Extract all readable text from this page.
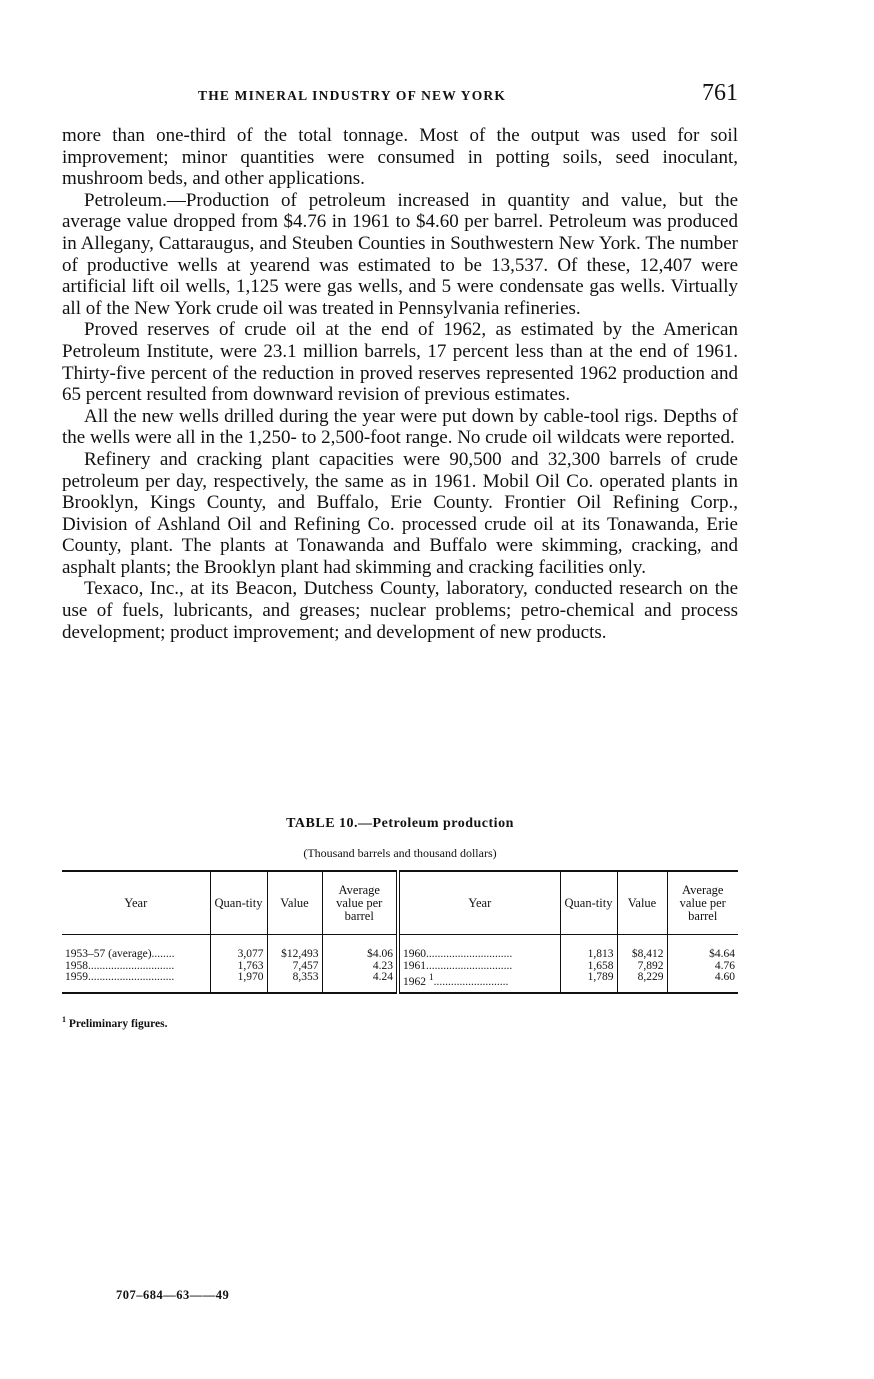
THE MINERAL INDUSTRY OF NEW YORK	761

more than one-third of the total tonnage. Most of the output was used for soil improvement; minor quantities were consumed in potting soils, seed inoculant, mushroom beds, and other applications.

Petroleum.—Production of petroleum increased in quantity and value, but the average value dropped from $4.76 in 1961 to $4.60 per barrel. Petroleum was produced in Allegany, Cattaraugus, and Steuben Counties in Southwestern New York. The number of productive wells at yearend was estimated to be 13,537. Of these, 12,407 were artificial lift oil wells, 1,125 were gas wells, and 5 were condensate gas wells. Virtually all of the New York crude oil was treated in Pennsylvania refineries.

Proved reserves of crude oil at the end of 1962, as estimated by the American Petroleum Institute, were 23.1 million barrels, 17 percent less than at the end of 1961. Thirty-five percent of the reduction in proved reserves represented 1962 production and 65 percent resulted from downward revision of previous estimates.

All the new wells drilled during the year were put down by cable-tool rigs. Depths of the wells were all in the 1,250- to 2,500-foot range. No crude oil wildcats were reported.

Refinery and cracking plant capacities were 90,500 and 32,300 barrels of crude petroleum per day, respectively, the same as in 1961. Mobil Oil Co. operated plants in Brooklyn, Kings County, and Buffalo, Erie County. Frontier Oil Refining Corp., Division of Ashland Oil and Refining Co. processed crude oil at its Tonawanda, Erie County, plant. The plants at Tonawanda and Buffalo were skimming, cracking, and asphalt plants; the Brooklyn plant had skimming and cracking facilities only.

Texaco, Inc., at its Beacon, Dutchess County, laboratory, conducted research on the use of fuels, lubricants, and greases; nuclear problems; petro-chemical and process development; product improvement; and development of new products.

TABLE 10.—Petroleum production
(Thousand barrels and thousand dollars)
Year	Quan-tity	Value	Average value per barrel	Year	Quan-tity	Value	Average value per barrel
1953–57 (average)........	3,077	$12,493	$4.06	1960..............................	1,813	$8,412	$4.64
1958..............................	1,763	7,457	4.23	1961..............................	1,658	7,892	4.76
1959..............................	1,970	8,353	4.24	1962 $^1$..........................	1,789	8,229	4.60
$^1$ Preliminary figures.
707–684—63——49
